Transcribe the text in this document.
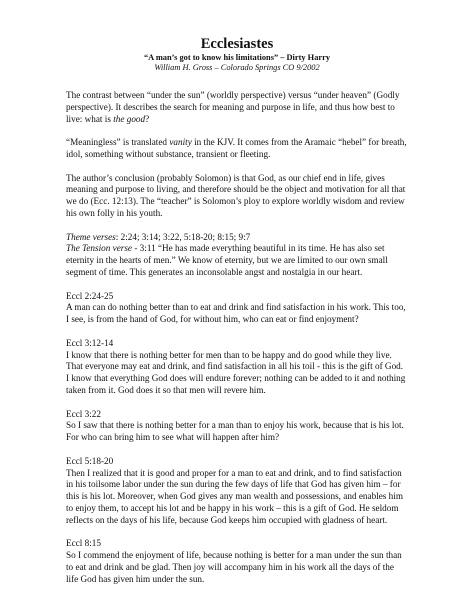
Ecclesiastes
“A man’s got to know his limitations” – Dirty Harry
William H. Gross – Colorado Springs CO 9/2002

The contrast between “under the sun” (worldly perspective) versus “under heaven” (Godly perspective). It describes the search for meaning and purpose in life, and thus how best to live: what is the good?

“Meaningless” is translated vanity in the KJV. It comes from the Aramaic “hebel” for breath, idol, something without substance, transient or fleeting.

The author’s conclusion (probably Solomon) is that God, as our chief end in life, gives meaning and purpose to living, and therefore should be the object and motivation for all that we do (Ecc. 12:13). The “teacher” is Solomon’s ploy to explore worldly wisdom and review his own folly in his youth.

Theme verses: 2:24; 3:14; 3:22, 5:18-20; 8:15; 9:7
The Tension verse - 3:11 “He has made everything beautiful in its time. He has also set eternity in the hearts of men.” We know of eternity, but we are limited to our own small segment of time. This generates an inconsolable angst and nostalgia in our heart.

Eccl 2:24-25
A man can do nothing better than to eat and drink and find satisfaction in his work. This too, I see, is from the hand of God, for without him, who can eat or find enjoyment?
Eccl 3:12-14
I know that there is nothing better for men than to be happy and do good while they live. That everyone may eat and drink, and find satisfaction in all his toil - this is the gift of God. I know that everything God does will endure forever; nothing can be added to it and nothing taken from it. God does it so that men will revere him.
Eccl 3:22
So I saw that there is nothing better for a man than to enjoy his work, because that is his lot. For who can bring him to see what will happen after him?
Eccl 5:18-20
Then I realized that it is good and proper for a man to eat and drink, and to find satisfaction in his toilsome labor under the sun during the few days of life that God has given him – for this is his lot. Moreover, when God gives any man wealth and possessions, and enables him to enjoy them, to accept his lot and be happy in his work – this is a gift of God. He seldom reflects on the days of his life, because God keeps him occupied with gladness of heart.
Eccl 8:15
So I commend the enjoyment of life, because nothing is better for a man under the sun than to eat and drink and be glad. Then joy will accompany him in his work all the days of the life God has given him under the sun.
